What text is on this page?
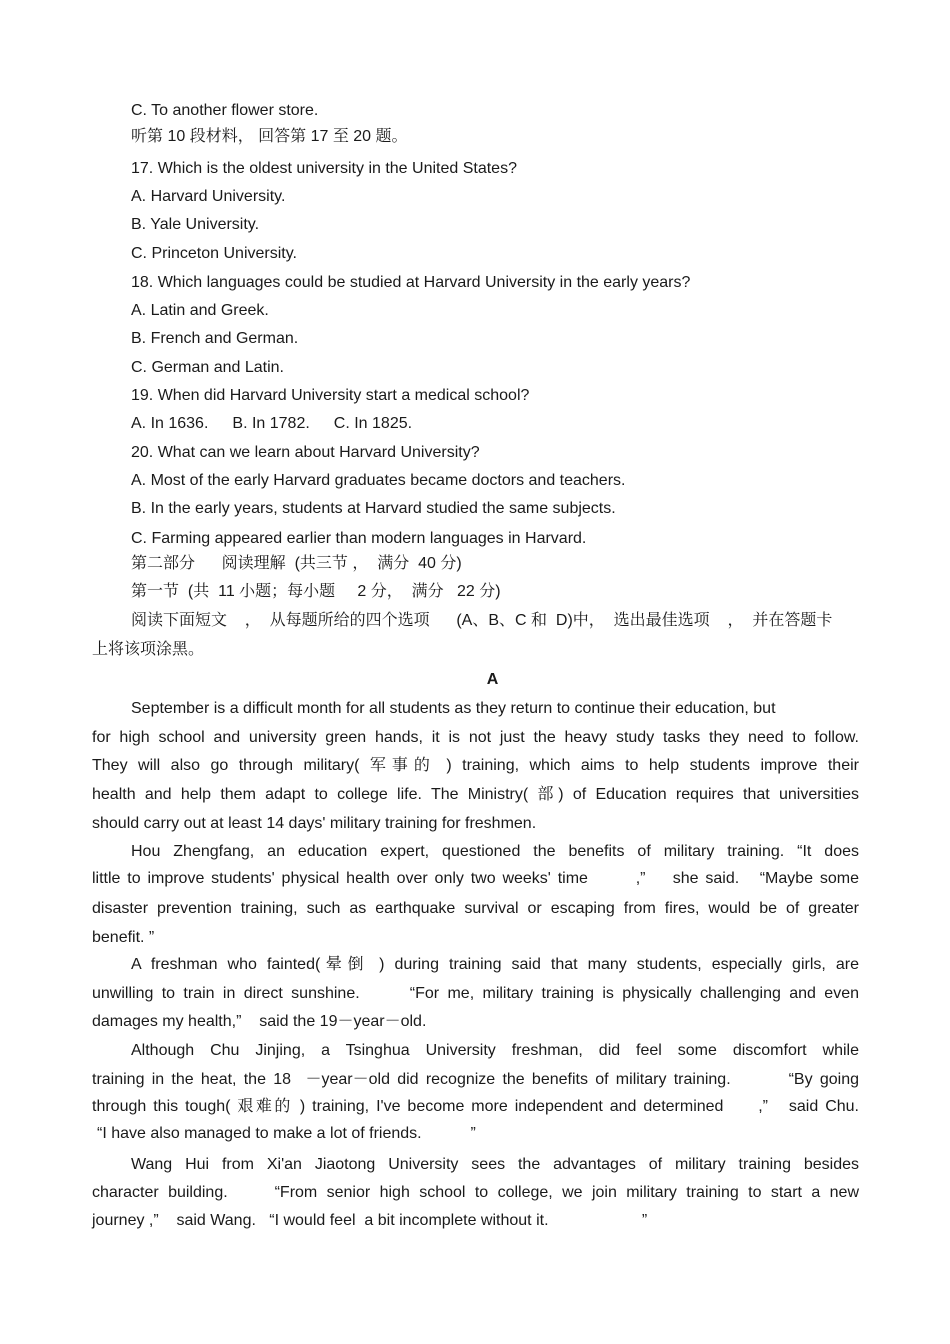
C. To another flower store.
听第 10 段材料， 回答第 17 至 20 题。
17. Which is the oldest university in the United States?
A. Harvard University.
B. Yale University.
C. Princeton University.
18. Which languages could be studied at Harvard University in the early years?
A. Latin and Greek.
B. French and German.
C. German and Latin.
19. When did Harvard University start a medical school?
A. In 1636. B. In 1782. C. In 1825.
20. What can we learn about Harvard University?
A. Most of the early Harvard graduates became doctors and teachers.
B. In the early years, students at Harvard studied the same subjects.
C. Farming appeared earlier than modern languages in Harvard.
第二部分      阅读理解  (共三节 ，  满分  40 分)
第一节  (共  11 小题；每小题     2 分，  满分   22 分)
阅读下面短文    ，  从每题所给的四个选项      (A、B、C 和  D)中，  选出最佳选项    ，  并在答题卡
上将该项涂黑。
A
September is a difficult month for all students as they return to continue their education, but
for high school and university green hands, it is not just the heavy study tasks they need to follow.
They will also go through military( 军事的 ) training, which aims to help students improve their
health and help them adapt to college life. The Ministry( 部) of Education requires that universities
should carry out at least 14 days' military training for freshmen.
Hou Zhengfang, an education expert, questioned the benefits of military training. “It does
little to improve students' physical health over only two weeks' time       ,”    she said.   “Maybe some
disaster prevention training, such as earthquake survival or escaping from fires, would be of greater
benefit. ”
A freshman who fainted(晕倒 ) during training said that many students, especially girls, are
unwilling to train in direct sunshine.      “For me, military training is physically challenging and even
damages my health,”    said the 19－year－old.
Although Chu Jinjing, a Tsinghua University freshman, did feel some discomfort while
training in the heat, the 18  －year－old did recognize the benefits of military training.        “By going
through this tough( 艰难的 ) training, I've become more independent and determined     ,”   said Chu.
“I have also managed to make a lot of friends.           ”
Wang Hui from Xi'an Jiaotong University sees the advantages of military training besides
character building.     “From senior high school to college, we join military training to start a new
journey ,”    said Wang.   “I would feel  a bit incomplete without it.                     ”
